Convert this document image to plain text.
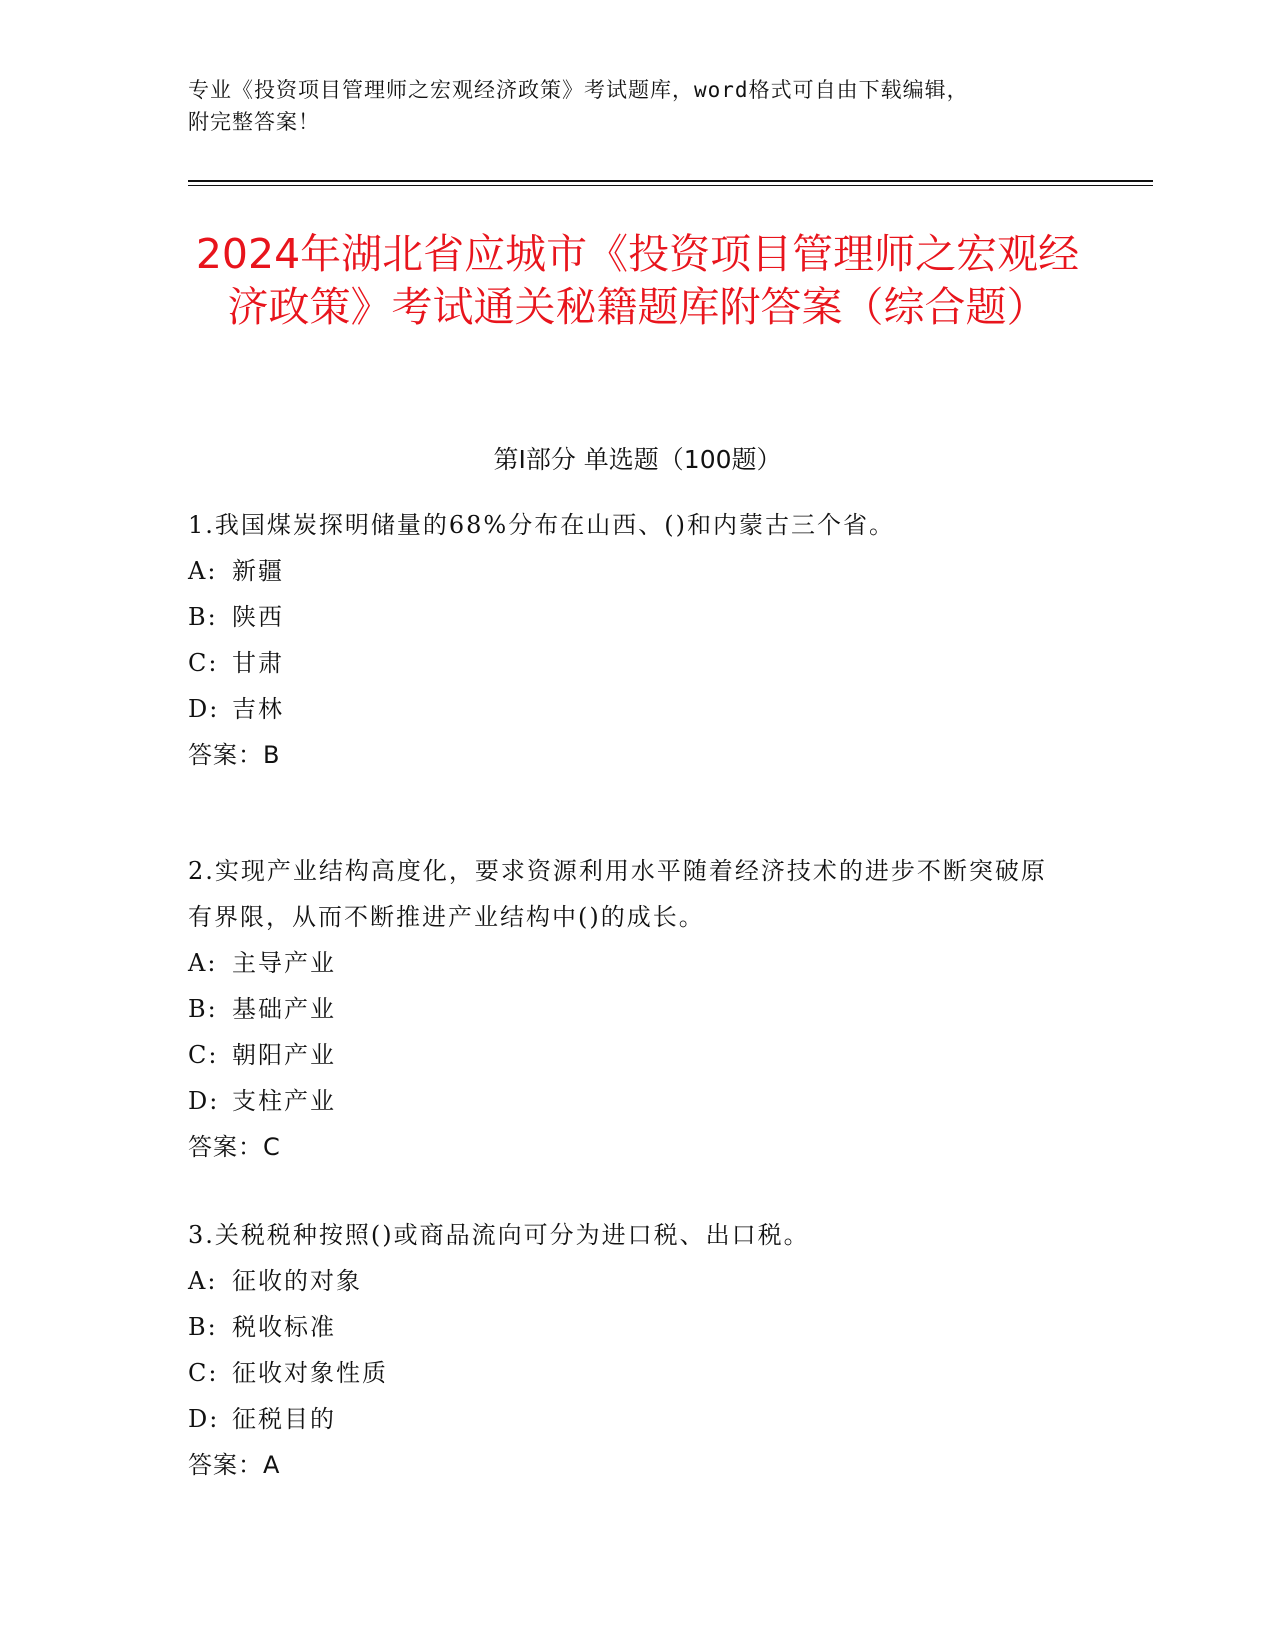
专业《投资项目管理师之宏观经济政策》考试题库，word格式可自由下载编辑，
附完整答案！
2024年湖北省应城市《投资项目管理师之宏观经济政策》考试通关秘籍题库附答案（综合题）
第Ⅰ部分 单选题（100题）
1.我国煤炭探明储量的68%分布在山西、()和内蒙古三个省。
A: 新疆
B: 陕西
C: 甘肃
D: 吉林
答案：B
2.实现产业结构高度化，要求资源利用水平随着经济技术的进步不断突破原有界限，从而不断推进产业结构中()的成长。
A: 主导产业
B: 基础产业
C: 朝阳产业
D: 支柱产业
答案：C
3.关税税种按照()或商品流向可分为进口税、出口税。
A: 征收的对象
B: 税收标准
C: 征收对象性质
D: 征税目的
答案：A
